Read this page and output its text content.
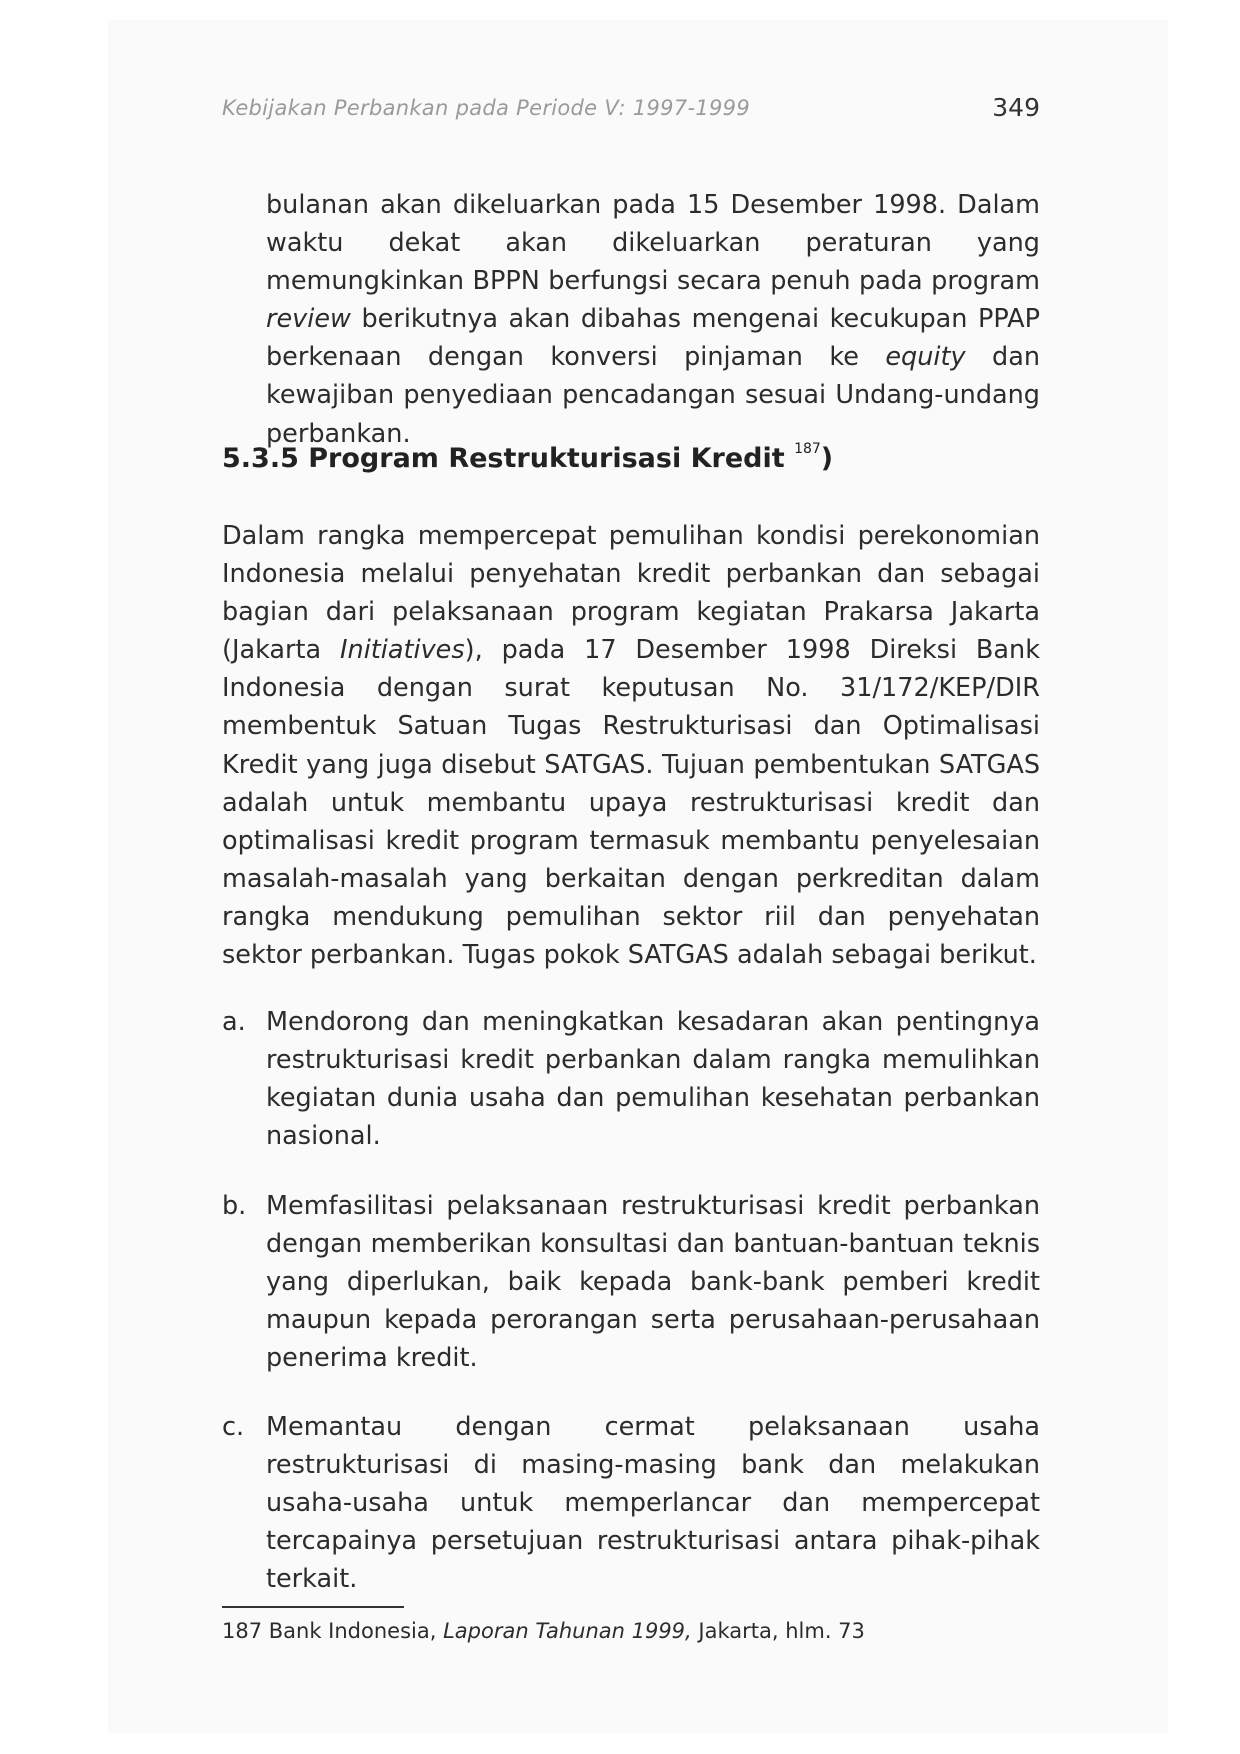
Kebijakan Perbankan pada Periode V: 1997-1999	349

bulanan akan dikeluarkan pada 15 Desember 1998. Dalam waktu dekat akan dikeluarkan peraturan yang memungkinkan BPPN berfungsi secara penuh pada program review berikutnya akan dibahas mengenai kecukupan PPAP berkenaan dengan konversi pinjaman ke equity dan kewajiban penyediaan pencadangan sesuai Undang-undang perbankan.

5.3.5 Program Restrukturisasi Kredit $^{187}$)

Dalam rangka mempercepat pemulihan kondisi perekonomian Indonesia melalui penyehatan kredit perbankan dan sebagai bagian dari pelaksanaan program kegiatan Prakarsa Jakarta (Jakarta Initiatives), pada 17 Desember 1998 Direksi Bank Indonesia dengan surat keputusan No. 31/172/KEP/DIR membentuk Satuan Tugas Restrukturisasi dan Optimalisasi Kredit yang juga disebut SATGAS. Tujuan pembentukan SATGAS adalah untuk membantu upaya restrukturisasi kredit dan optimalisasi kredit program termasuk membantu penyelesaian masalah-masalah yang berkaitan dengan perkreditan dalam rangka mendukung pemulihan sektor riil dan penyehatan sektor perbankan. Tugas pokok SATGAS adalah sebagai berikut.

a. Mendorong dan meningkatkan kesadaran akan pentingnya restrukturisasi kredit perbankan dalam rangka memulihkan kegiatan dunia usaha dan pemulihan kesehatan perbankan nasional.
b. Memfasilitasi pelaksanaan restrukturisasi kredit perbankan dengan memberikan konsultasi dan bantuan-bantuan teknis yang diperlukan, baik kepada bank-bank pemberi kredit maupun kepada perorangan serta perusahaan-perusahaan penerima kredit.
c. Memantau dengan cermat pelaksanaan usaha restrukturisasi di masing-masing bank dan melakukan usaha-usaha untuk memperlancar dan mempercepat tercapainya persetujuan restrukturisasi antara pihak-pihak terkait.
187 Bank Indonesia, Laporan Tahunan 1999, Jakarta, hlm. 73
